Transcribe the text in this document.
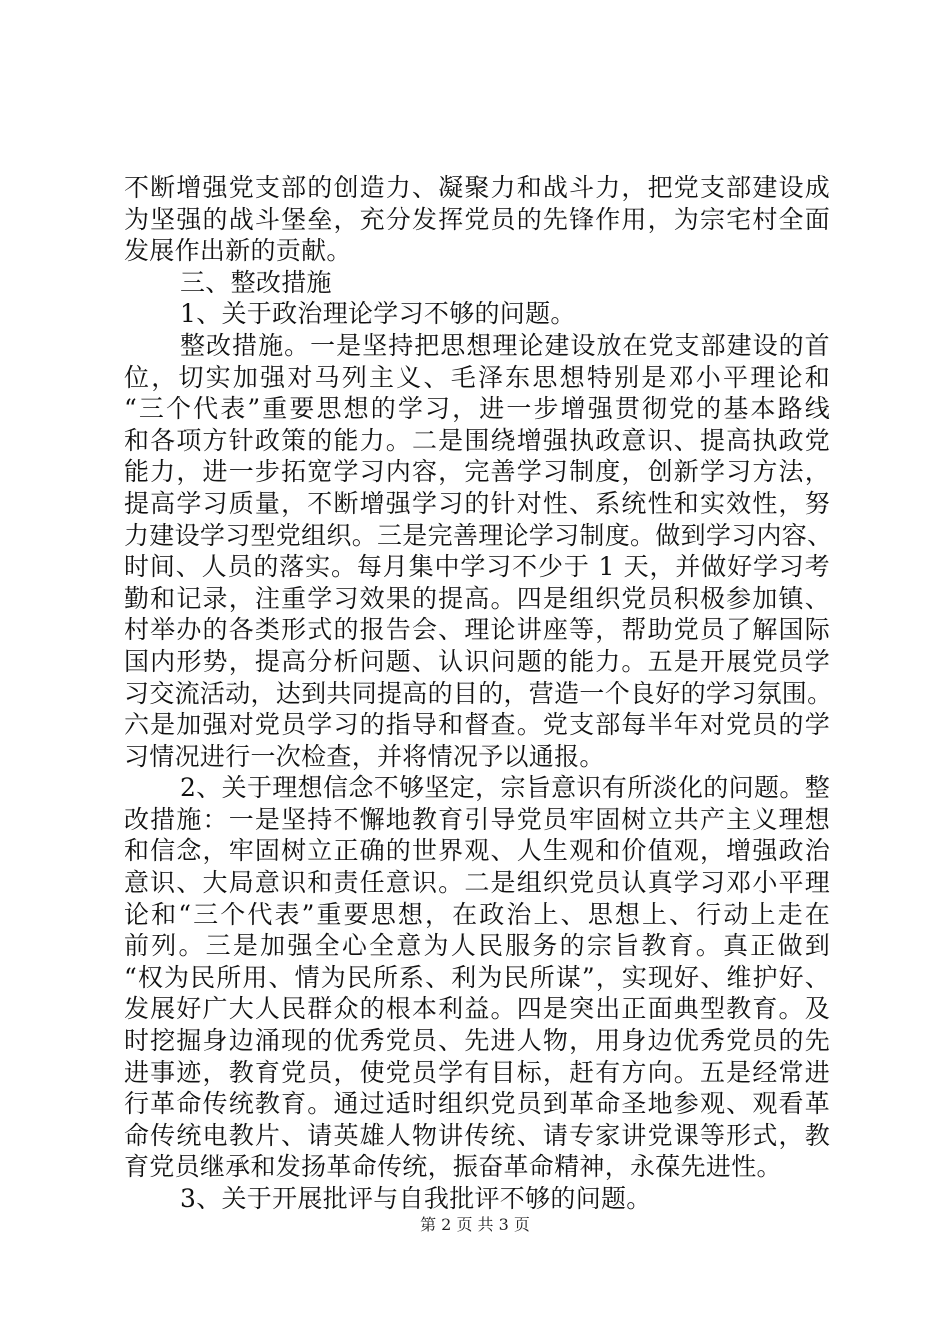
不断增强党支部的创造力、凝聚力和战斗力，把党支部建设成
为坚强的战斗堡垒，充分发挥党员的先锋作用，为宗宅村全面
发展作出新的贡献。
三、整改措施
1、关于政治理论学习不够的问题。
整改措施。一是坚持把思想理论建设放在党支部建设的首
位，切实加强对马列主义、毛泽东思想特别是邓小平理论和
“三个代表”重要思想的学习，进一步增强贯彻党的基本路线
和各项方针政策的能力。二是围绕增强执政意识、提高执政党
能力，进一步拓宽学习内容，完善学习制度，创新学习方法，
提高学习质量，不断增强学习的针对性、系统性和实效性，努
力建设学习型党组织。三是完善理论学习制度。做到学习内容、
时间、人员的落实。每月集中学习不少于 1 天，并做好学习考
勤和记录，注重学习效果的提高。四是组织党员积极参加镇、
村举办的各类形式的报告会、理论讲座等，帮助党员了解国际
国内形势，提高分析问题、认识问题的能力。五是开展党员学
习交流活动，达到共同提高的目的，营造一个良好的学习氛围。
六是加强对党员学习的指导和督查。党支部每半年对党员的学
习情况进行一次检查，并将情况予以通报。
2、关于理想信念不够坚定，宗旨意识有所淡化的问题。整
改措施：一是坚持不懈地教育引导党员牢固树立共产主义理想
和信念，牢固树立正确的世界观、人生观和价值观，增强政治
意识、大局意识和责任意识。二是组织党员认真学习邓小平理
论和“三个代表”重要思想，在政治上、思想上、行动上走在
前列。三是加强全心全意为人民服务的宗旨教育。真正做到
“权为民所用、情为民所系、利为民所谋”，实现好、维护好、
发展好广大人民群众的根本利益。四是突出正面典型教育。及
时挖掘身边涌现的优秀党员、先进人物，用身边优秀党员的先
进事迹，教育党员，使党员学有目标，赶有方向。五是经常进
行革命传统教育。通过适时组织党员到革命圣地参观、观看革
命传统电教片、请英雄人物讲传统、请专家讲党课等形式，教
育党员继承和发扬革命传统，振奋革命精神，永葆先进性。
3、关于开展批评与自我批评不够的问题。
第 2 页 共 3 页
